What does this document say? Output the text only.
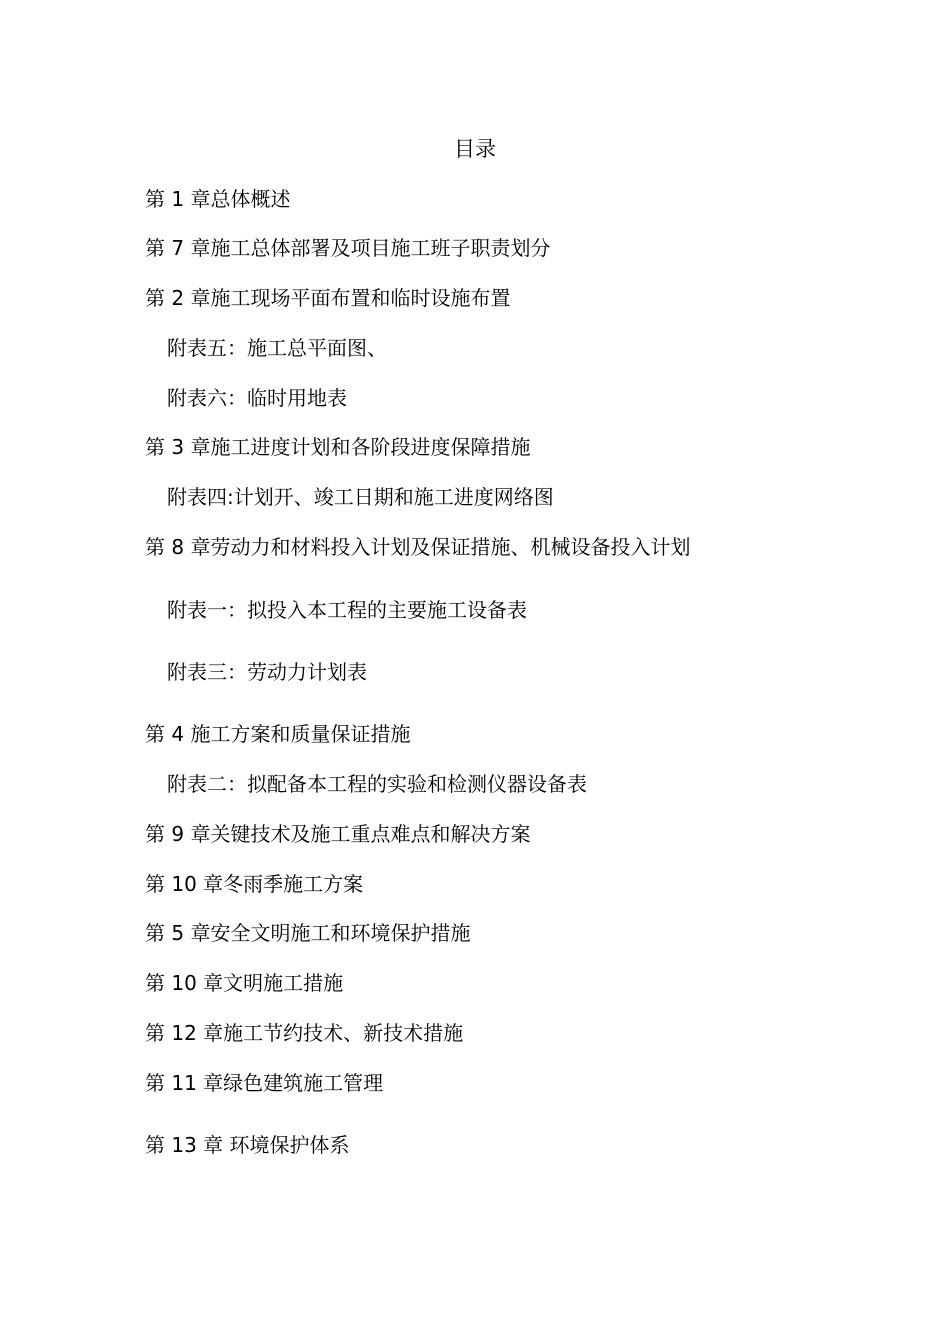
目录
第 1 章总体概述
第 7 章施工总体部署及项目施工班子职责划分
第 2 章施工现场平面布置和临时设施布置
附表五：施工总平面图、
附表六：临时用地表
第 3 章施工进度计划和各阶段进度保障措施
附表四:计划开、竣工日期和施工进度网络图
第 8 章劳动力和材料投入计划及保证措施、机械设备投入计划
附表一：拟投入本工程的主要施工设备表
附表三：劳动力计划表
第 4 施工方案和质量保证措施
附表二：拟配备本工程的实验和检测仪器设备表
第 9 章关键技术及施工重点难点和解决方案
第 10 章冬雨季施工方案
第 5 章安全文明施工和环境保护措施
第 10 章文明施工措施
第 12 章施工节约技术、新技术措施
第 11 章绿色建筑施工管理
第 13 章 环境保护体系
